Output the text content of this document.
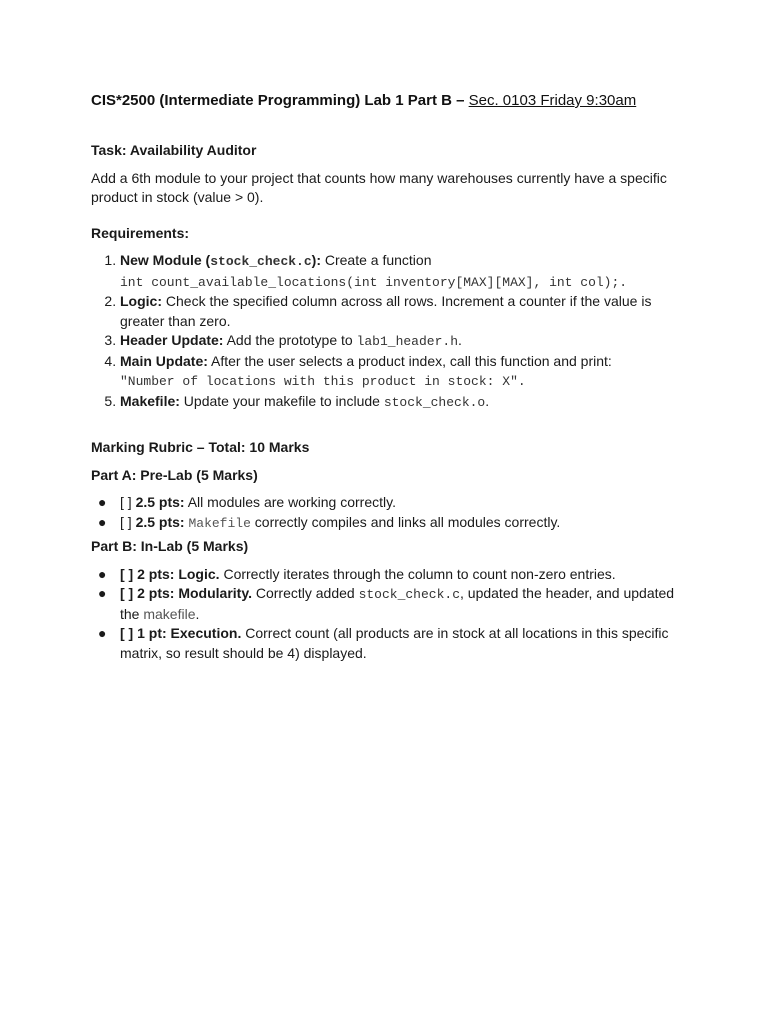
CIS*2500 (Intermediate Programming) Lab 1 Part B – Sec. 0103 Friday 9:30am

Task: Availability Auditor

Add a 6th module to your project that counts how many warehouses currently have a specific product in stock (value > 0).

Requirements:

1. New Module (stock_check.c): Create a function
int count_available_locations(int inventory[MAX][MAX], int col);.
2. Logic: Check the specified column across all rows. Increment a counter if the value is greater than zero.
3. Header Update: Add the prototype to lab1_header.h.
4. Main Update: After the user selects a product index, call this function and print:
"Number of locations with this product in stock: X".
5. Makefile: Update your makefile to include stock_check.o.

Marking Rubric – Total: 10 Marks

Part A: Pre-Lab (5 Marks)

● [ ] 2.5 pts: All modules are working correctly.
● [ ] 2.5 pts: Makefile correctly compiles and links all modules correctly.

Part B: In-Lab (5 Marks)

● [ ] 2 pts: Logic. Correctly iterates through the column to count non-zero entries.
● [ ] 2 pts: Modularity. Correctly added stock_check.c, updated the header, and updated the makefile.
● [ ] 1 pt: Execution. Correct count (all products are in stock at all locations in this specific matrix, so result should be 4) displayed.
